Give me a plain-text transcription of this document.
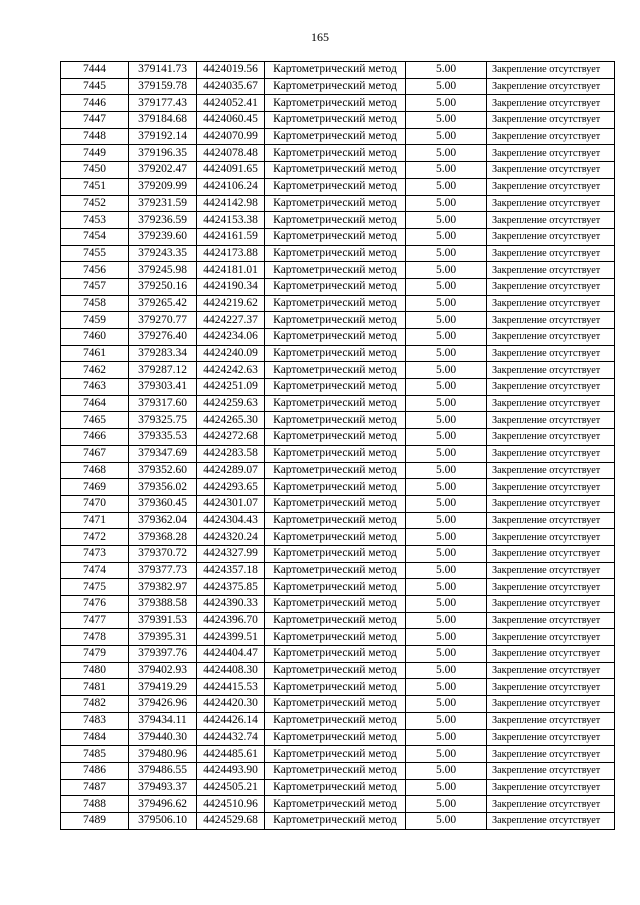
165
7444	379141.73	4424019.56	Картометрический метод	5.00	Закрепление отсутствует
7445	379159.78	4424035.67	Картометрический метод	5.00	Закрепление отсутствует
7446	379177.43	4424052.41	Картометрический метод	5.00	Закрепление отсутствует
7447	379184.68	4424060.45	Картометрический метод	5.00	Закрепление отсутствует
7448	379192.14	4424070.99	Картометрический метод	5.00	Закрепление отсутствует
7449	379196.35	4424078.48	Картометрический метод	5.00	Закрепление отсутствует
7450	379202.47	4424091.65	Картометрический метод	5.00	Закрепление отсутствует
7451	379209.99	4424106.24	Картометрический метод	5.00	Закрепление отсутствует
7452	379231.59	4424142.98	Картометрический метод	5.00	Закрепление отсутствует
7453	379236.59	4424153.38	Картометрический метод	5.00	Закрепление отсутствует
7454	379239.60	4424161.59	Картометрический метод	5.00	Закрепление отсутствует
7455	379243.35	4424173.88	Картометрический метод	5.00	Закрепление отсутствует
7456	379245.98	4424181.01	Картометрический метод	5.00	Закрепление отсутствует
7457	379250.16	4424190.34	Картометрический метод	5.00	Закрепление отсутствует
7458	379265.42	4424219.62	Картометрический метод	5.00	Закрепление отсутствует
7459	379270.77	4424227.37	Картометрический метод	5.00	Закрепление отсутствует
7460	379276.40	4424234.06	Картометрический метод	5.00	Закрепление отсутствует
7461	379283.34	4424240.09	Картометрический метод	5.00	Закрепление отсутствует
7462	379287.12	4424242.63	Картометрический метод	5.00	Закрепление отсутствует
7463	379303.41	4424251.09	Картометрический метод	5.00	Закрепление отсутствует
7464	379317.60	4424259.63	Картометрический метод	5.00	Закрепление отсутствует
7465	379325.75	4424265.30	Картометрический метод	5.00	Закрепление отсутствует
7466	379335.53	4424272.68	Картометрический метод	5.00	Закрепление отсутствует
7467	379347.69	4424283.58	Картометрический метод	5.00	Закрепление отсутствует
7468	379352.60	4424289.07	Картометрический метод	5.00	Закрепление отсутствует
7469	379356.02	4424293.65	Картометрический метод	5.00	Закрепление отсутствует
7470	379360.45	4424301.07	Картометрический метод	5.00	Закрепление отсутствует
7471	379362.04	4424304.43	Картометрический метод	5.00	Закрепление отсутствует
7472	379368.28	4424320.24	Картометрический метод	5.00	Закрепление отсутствует
7473	379370.72	4424327.99	Картометрический метод	5.00	Закрепление отсутствует
7474	379377.73	4424357.18	Картометрический метод	5.00	Закрепление отсутствует
7475	379382.97	4424375.85	Картометрический метод	5.00	Закрепление отсутствует
7476	379388.58	4424390.33	Картометрический метод	5.00	Закрепление отсутствует
7477	379391.53	4424396.70	Картометрический метод	5.00	Закрепление отсутствует
7478	379395.31	4424399.51	Картометрический метод	5.00	Закрепление отсутствует
7479	379397.76	4424404.47	Картометрический метод	5.00	Закрепление отсутствует
7480	379402.93	4424408.30	Картометрический метод	5.00	Закрепление отсутствует
7481	379419.29	4424415.53	Картометрический метод	5.00	Закрепление отсутствует
7482	379426.96	4424420.30	Картометрический метод	5.00	Закрепление отсутствует
7483	379434.11	4424426.14	Картометрический метод	5.00	Закрепление отсутствует
7484	379440.30	4424432.74	Картометрический метод	5.00	Закрепление отсутствует
7485	379480.96	4424485.61	Картометрический метод	5.00	Закрепление отсутствует
7486	379486.55	4424493.90	Картометрический метод	5.00	Закрепление отсутствует
7487	379493.37	4424505.21	Картометрический метод	5.00	Закрепление отсутствует
7488	379496.62	4424510.96	Картометрический метод	5.00	Закрепление отсутствует
7489	379506.10	4424529.68	Картометрический метод	5.00	Закрепление отсутствует
